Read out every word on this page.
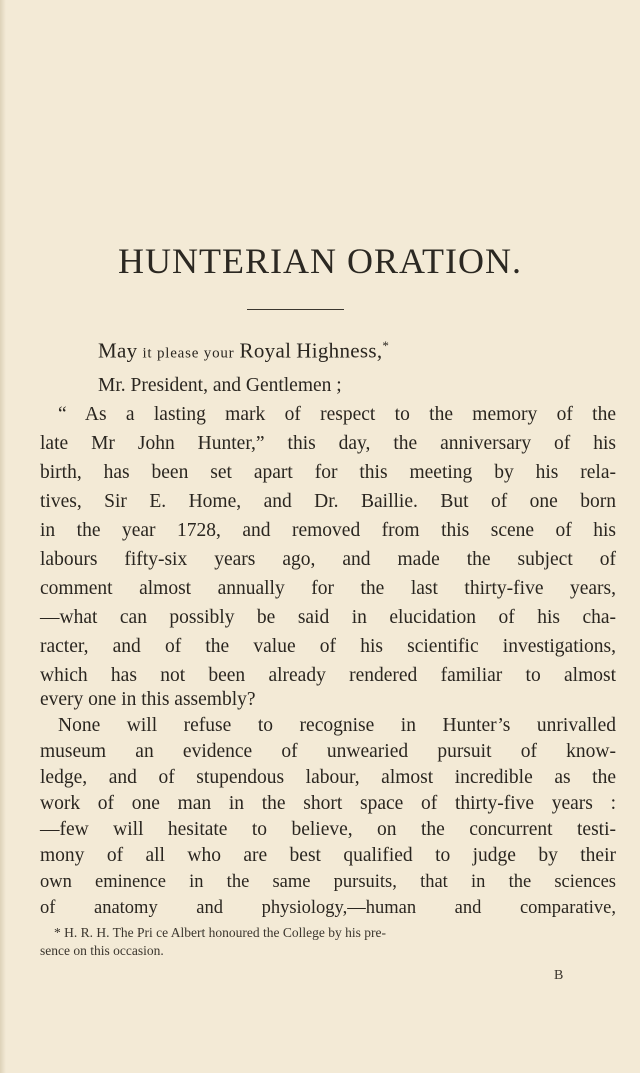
HUNTERIAN ORATION.
May it please your Royal Highness,*
Mr. President, and Gentlemen ;
“ As a lasting mark of respect to the memory of the
late Mr John Hunter,” this day, the anniversary of his
birth, has been set apart for this meeting by his rela-
tives, Sir E. Home, and Dr. Baillie. But of one born
in the year 1728, and removed from this scene of his
labours fifty-six years ago, and made the subject of
comment almost annually for the last thirty-five years,
—what can possibly be said in elucidation of his cha-
racter, and of the value of his scientific investigations,
which has not been already rendered familiar to almost
every one in this assembly?
None will refuse to recognise in Hunter’s unrivalled
museum an evidence of unwearied pursuit of know-
ledge, and of stupendous labour, almost incredible as the
work of one man in the short space of thirty-five years :
—few will hesitate to believe, on the concurrent testi-
mony of all who are best qualified to judge by their
own eminence in the same pursuits, that in the sciences
* H. R. H. The Pri ce Albert honoured the College by his pre-
sence on this occasion.
B
of anatomy and physiology,—human and comparative,
